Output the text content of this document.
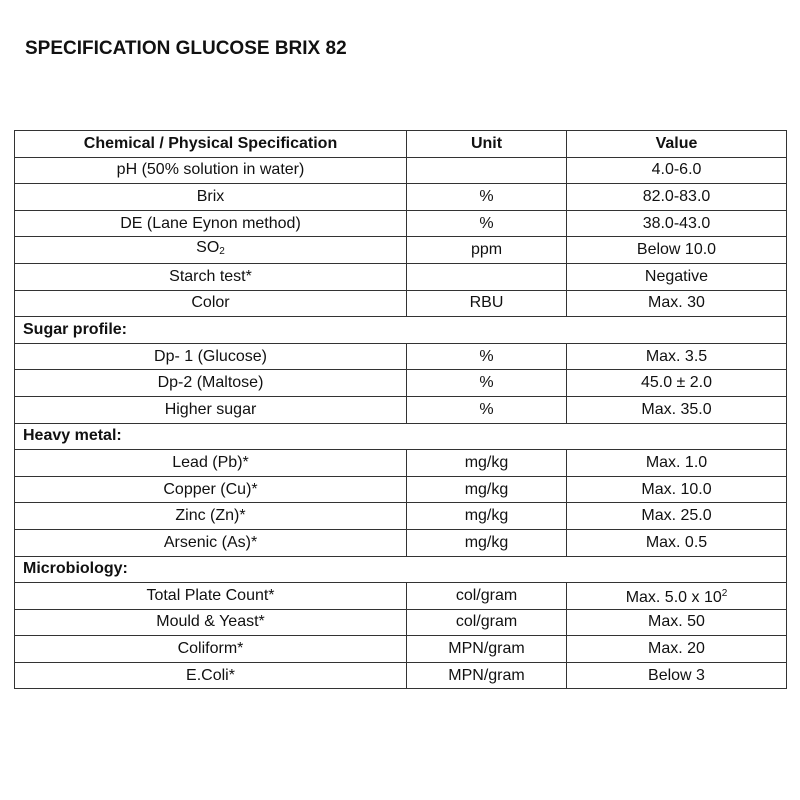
SPECIFICATION GLUCOSE BRIX 82
Chemical / Physical Specification	Unit	Value
pH (50% solution in water)		4.0-6.0
Brix	%	82.0-83.0
DE (Lane Eynon method)	%	38.0-43.0
$SO_2$	ppm	Below 10.0
Starch test*		Negative
Color	RBU	Max. 30
Sugar profile:		
Dp- 1 (Glucose)	%	Max. 3.5
Dp-2 (Maltose)	%	45.0 ± 2.0
Higher sugar	%	Max. 35.0
Heavy metal:		
Lead (Pb)*	mg/kg	Max. 1.0
Copper (Cu)*	mg/kg	Max. 10.0
Zinc (Zn)*	mg/kg	Max. 25.0
Arsenic (As)*	mg/kg	Max. 0.5
Microbiology:		
Total Plate Count*	col/gram	Max. 5.0 x $10^2$
Mould & Yeast*	col/gram	Max. 50
Coliform*	MPN/gram	Max. 20
E.Coli*	MPN/gram	Below 3
